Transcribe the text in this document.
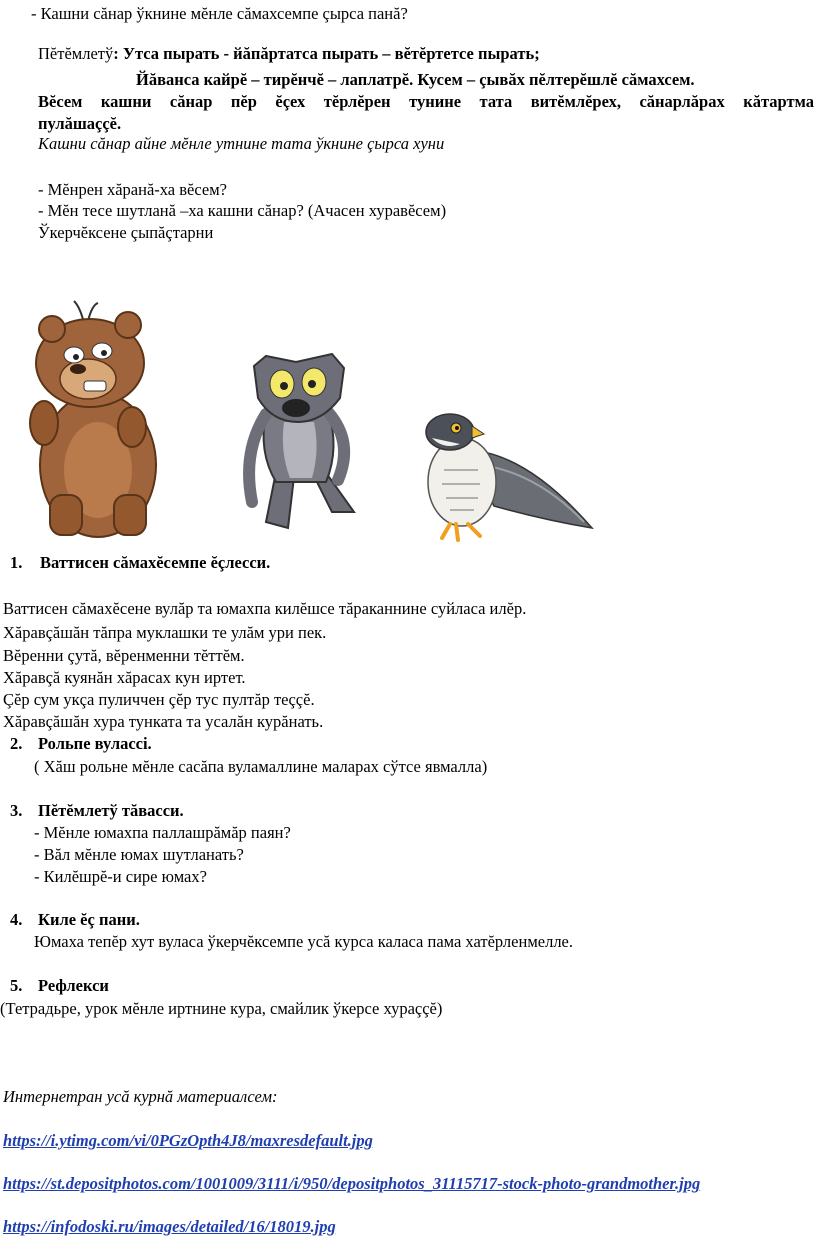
- Кашни сăнар ўкнине мĕнле сăмахсемпе çырса панă?
Пĕтĕмлетў: Утса пырать - йăпăртатса пырать – вĕтĕртетсе пырать;
Йăванса кайрĕ – тирĕнчĕ – лаплатрĕ. Кусем – çывăх пĕлтерĕшлĕ сăмахсем.
Вĕсем кашни сăнар пĕр ĕçех тĕрлĕрен тунине тата витĕмлĕрех, сăнарлăрах кăтартма
пулăшаççĕ.
Кашни сăнар айне мĕнле утнине тата ўкнине çырса хуни
- Мĕнрен хăранă-ха вĕсем?
- Мĕн тесе шутланă –ха кашни сăнар? (Ачасен хуравĕсем)
Ўкерчĕксене çыпăçтарни
1. Ваттисен сăмахĕсемпе ĕçлесси.
Ваттисен сăмахĕсене вулăр та юмахпа килĕшсе тăраканнине суйласа илĕр.
Хăравçăшăн тăпра муклашки те улăм ури пек.
Вĕренни çутă, вĕренменни тĕттĕм.
Хăравçă куянăн хăрасах кун иртет.
Çĕр сум укçа пуличчен çĕр тус пултăр теççĕ.
Хăравçăшăн хура тунката та усалăн курăнать.
2. Рольпе вулассi.
( Хăш рольне мĕнле сасăпа вуламаллине маларах сўтсе явмалла)
3. Пĕтĕмлетў тăвасси.
- Мĕнле юмахпа паллашрăмăр паян?
- Вăл мĕнле юмах шутланать?
- Килĕшрĕ-и сире юмах?
4. Киле ĕç пани.
Юмаха тепĕр хут вуласа ўкерчĕксемпе усă курса каласа пама хатĕрленмелле.
5. Рефлекси
(Тетрадьре, урок мĕнле иртнине кура, смайлик ўкерсе хураççĕ)
Интернетран усă курнă материалсем:
https://i.ytimg.com/vi/0PGzOpth4J8/maxresdefault.jpg
https://st.depositphotos.com/1001009/3111/i/950/depositphotos_31115717-stock-photo-grandmother.jpg
https://infodoski.ru/images/detailed/16/18019.jpg
